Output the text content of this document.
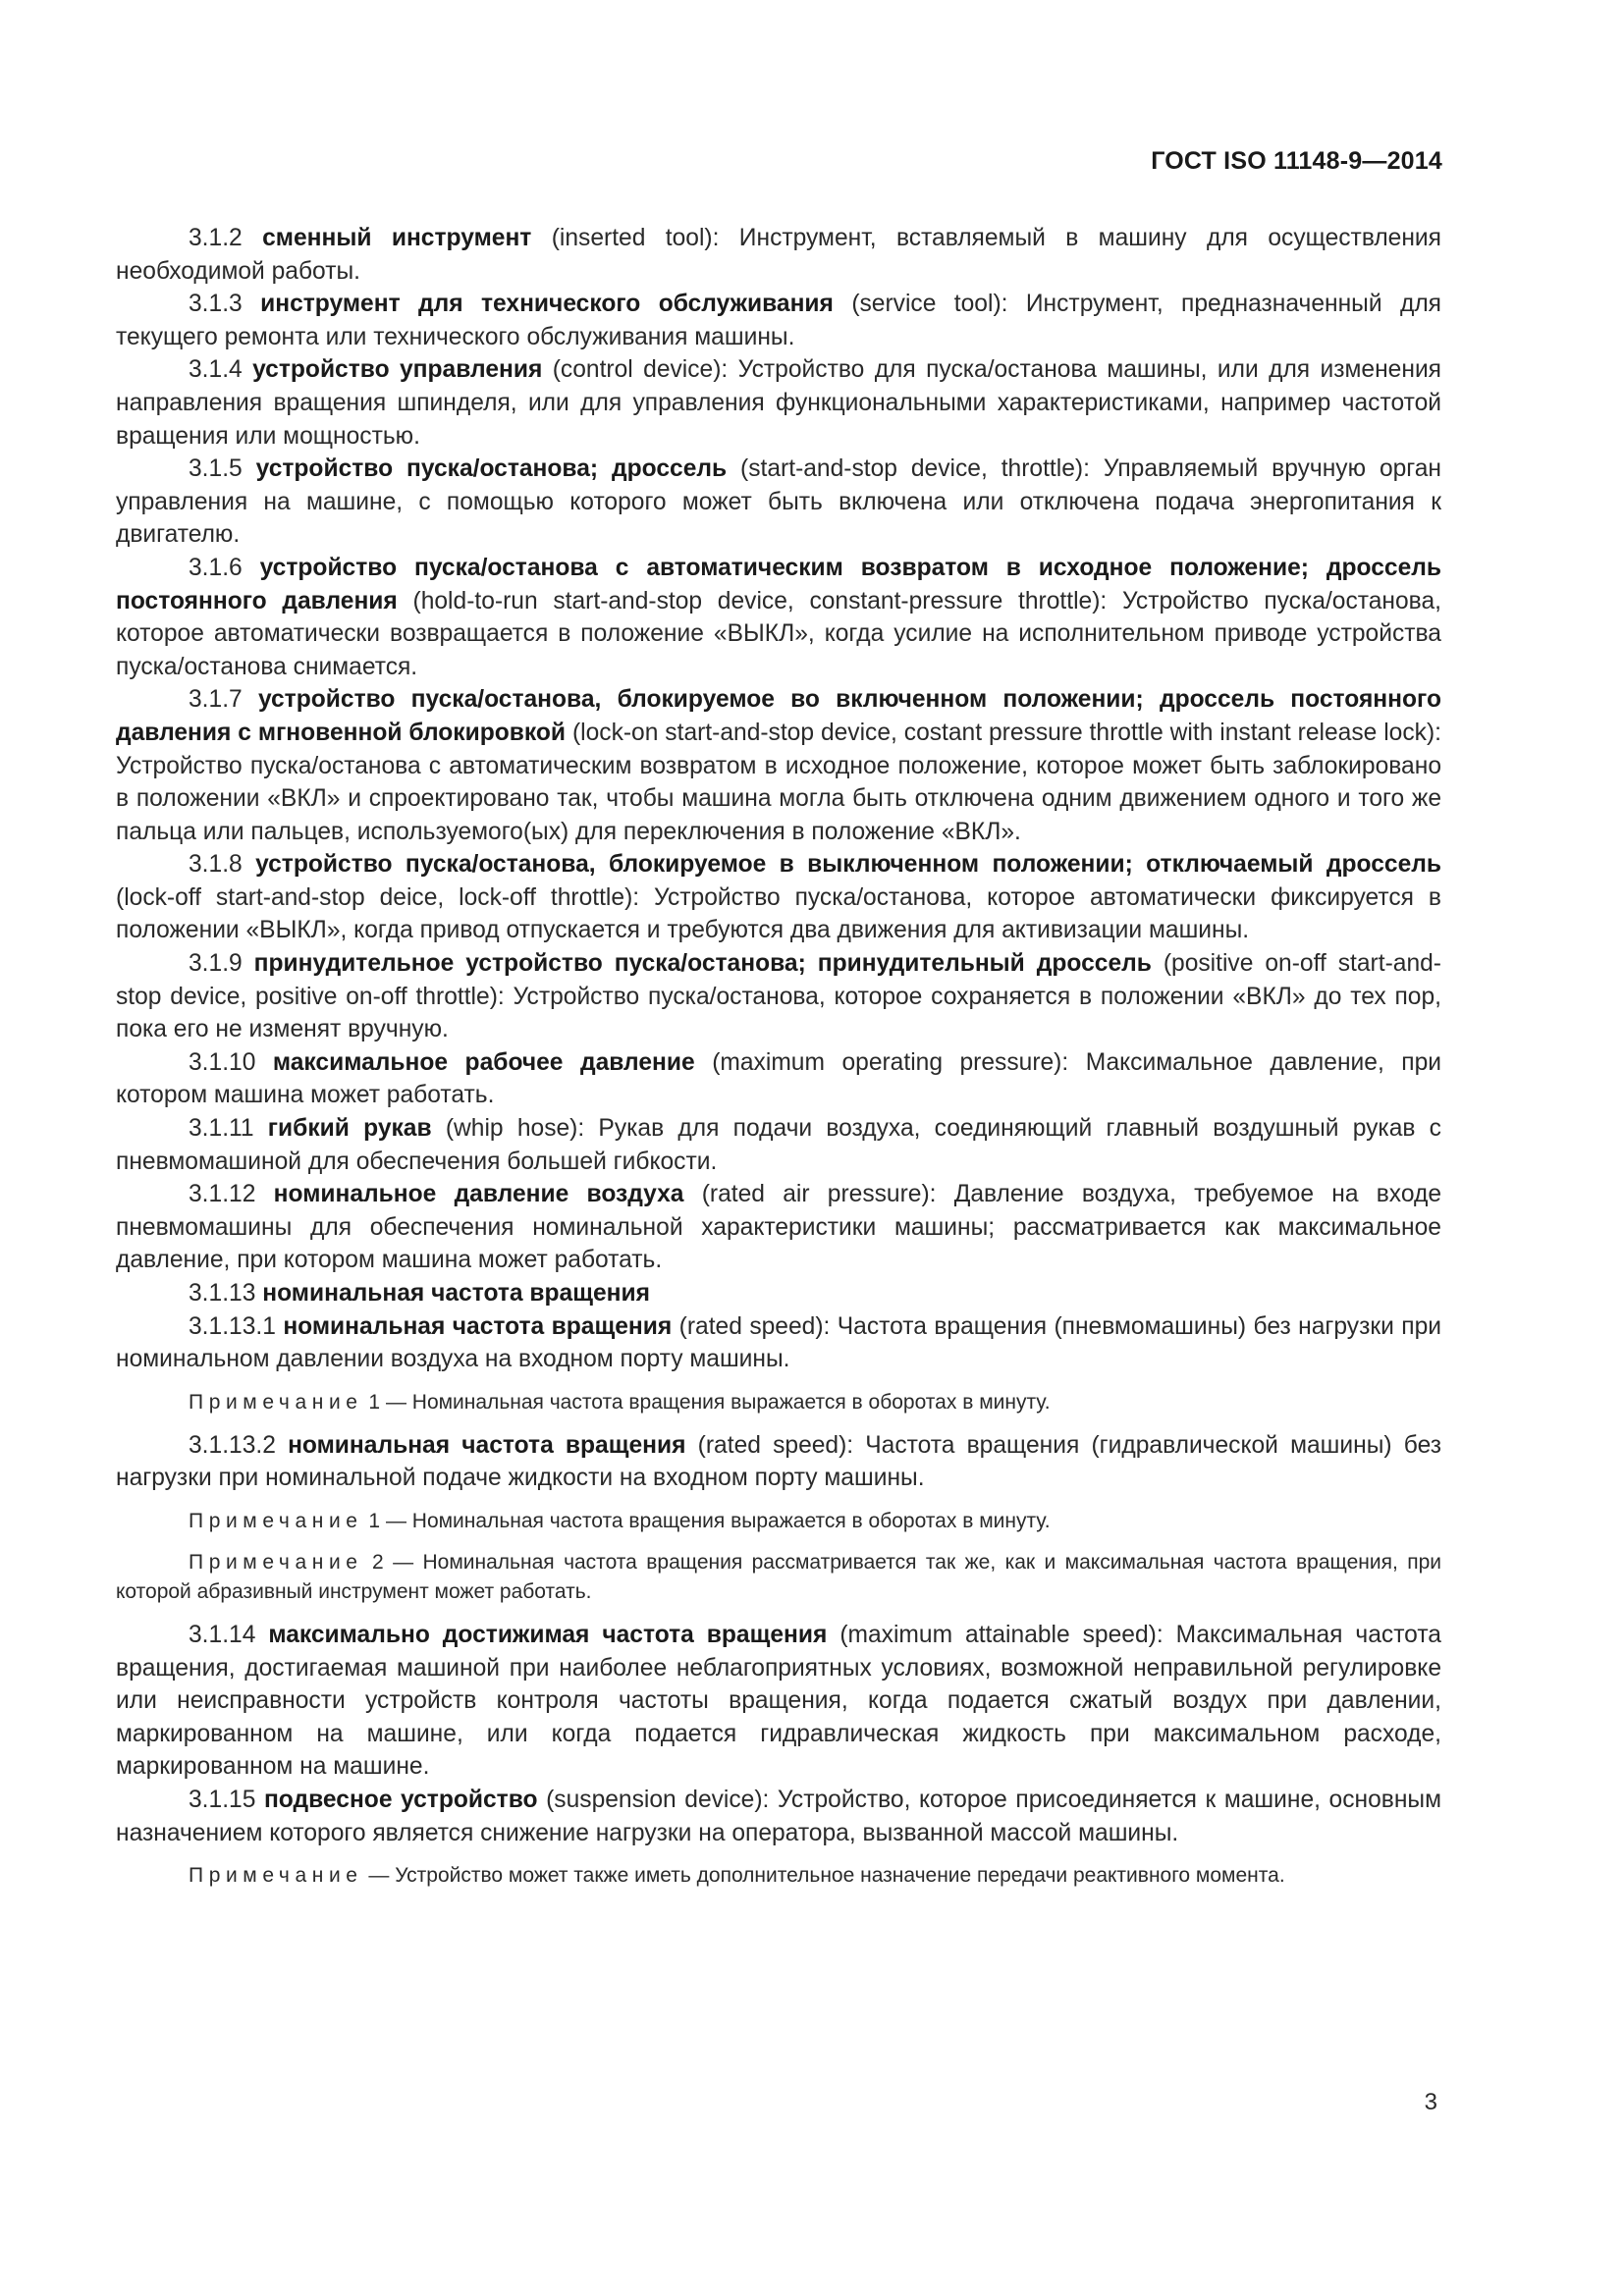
ГОСТ ISO 11148-9—2014

3.1.2 сменный инструмент (inserted tool): Инструмент, вставляемый в машину для осуществления необходимой работы.

3.1.3 инструмент для технического обслуживания (service tool): Инструмент, предназначенный для текущего ремонта или технического обслуживания машины.

3.1.4 устройство управления (control device): Устройство для пуска/останова машины, или для изменения направления вращения шпинделя, или для управления функциональными характеристиками, например частотой вращения или мощностью.

3.1.5 устройство пуска/останова; дроссель (start-and-stop device, throttle): Управляемый вручную орган управления на машине, с помощью которого может быть включена или отключена подача энергопитания к двигателю.

3.1.6 устройство пуска/останова с автоматическим возвратом в исходное положение; дроссель постоянного давления (hold-to-run start-and-stop device, constant-pressure throttle): Устройство пуска/останова, которое автоматически возвращается в положение «ВЫКЛ», когда усилие на исполнительном приводе устройства пуска/останова снимается.

3.1.7 устройство пуска/останова, блокируемое во включенном положении; дроссель постоянного давления с мгновенной блокировкой (lock-on start-and-stop device, costant pressure throttle with instant release lock): Устройство пуска/останова с автоматическим возвратом в исходное положение, которое может быть заблокировано в положении «ВКЛ» и спроектировано так, чтобы машина могла быть отключена одним движением одного и того же пальца или пальцев, используемого(ых) для переключения в положение «ВКЛ».

3.1.8 устройство пуска/останова, блокируемое в выключенном положении; отключаемый дроссель (lock-off start-and-stop deice, lock-off throttle): Устройство пуска/останова, которое автоматически фиксируется в положении «ВЫКЛ», когда привод отпускается и требуются два движения для активизации машины.

3.1.9 принудительное устройство пуска/останова; принудительный дроссель (positive on-off start-and-stop device, positive on-off throttle): Устройство пуска/останова, которое сохраняется в положении «ВКЛ» до тех пор, пока его не изменят вручную.

3.1.10 максимальное рабочее давление (maximum operating pressure): Максимальное давление, при котором машина может работать.

3.1.11 гибкий рукав (whip hose): Рукав для подачи воздуха, соединяющий главный воздушный рукав с пневмомашиной для обеспечения большей гибкости.

3.1.12 номинальное давление воздуха (rated air pressure): Давление воздуха, требуемое на входе пневмомашины для обеспечения номинальной характеристики машины; рассматривается как максимальное давление, при котором машина может работать.

3.1.13 номинальная частота вращения

3.1.13.1 номинальная частота вращения (rated speed): Частота вращения (пневмомашины) без нагрузки при номинальном давлении воздуха на входном порту машины.

Примечание 1 — Номинальная частота вращения выражается в оборотах в минуту.

3.1.13.2 номинальная частота вращения (rated speed): Частота вращения (гидравлической машины) без нагрузки при номинальной подаче жидкости на входном порту машины.

Примечание 1 — Номинальная частота вращения выражается в оборотах в минуту.

Примечание 2 — Номинальная частота вращения рассматривается так же, как и максимальная частота вращения, при которой абразивный инструмент может работать.

3.1.14 максимально достижимая частота вращения (maximum attainable speed): Максимальная частота вращения, достигаемая машиной при наиболее неблагоприятных условиях, возможной неправильной регулировке или неисправности устройств контроля частоты вращения, когда подается сжатый воздух при давлении, маркированном на машине, или когда подается гидравлическая жидкость при максимальном расходе, маркированном на машине.

3.1.15 подвесное устройство (suspension device): Устройство, которое присоединяется к машине, основным назначением которого является снижение нагрузки на оператора, вызванной массой машины.

Примечание — Устройство может также иметь дополнительное назначение передачи реактивного момента.

3
